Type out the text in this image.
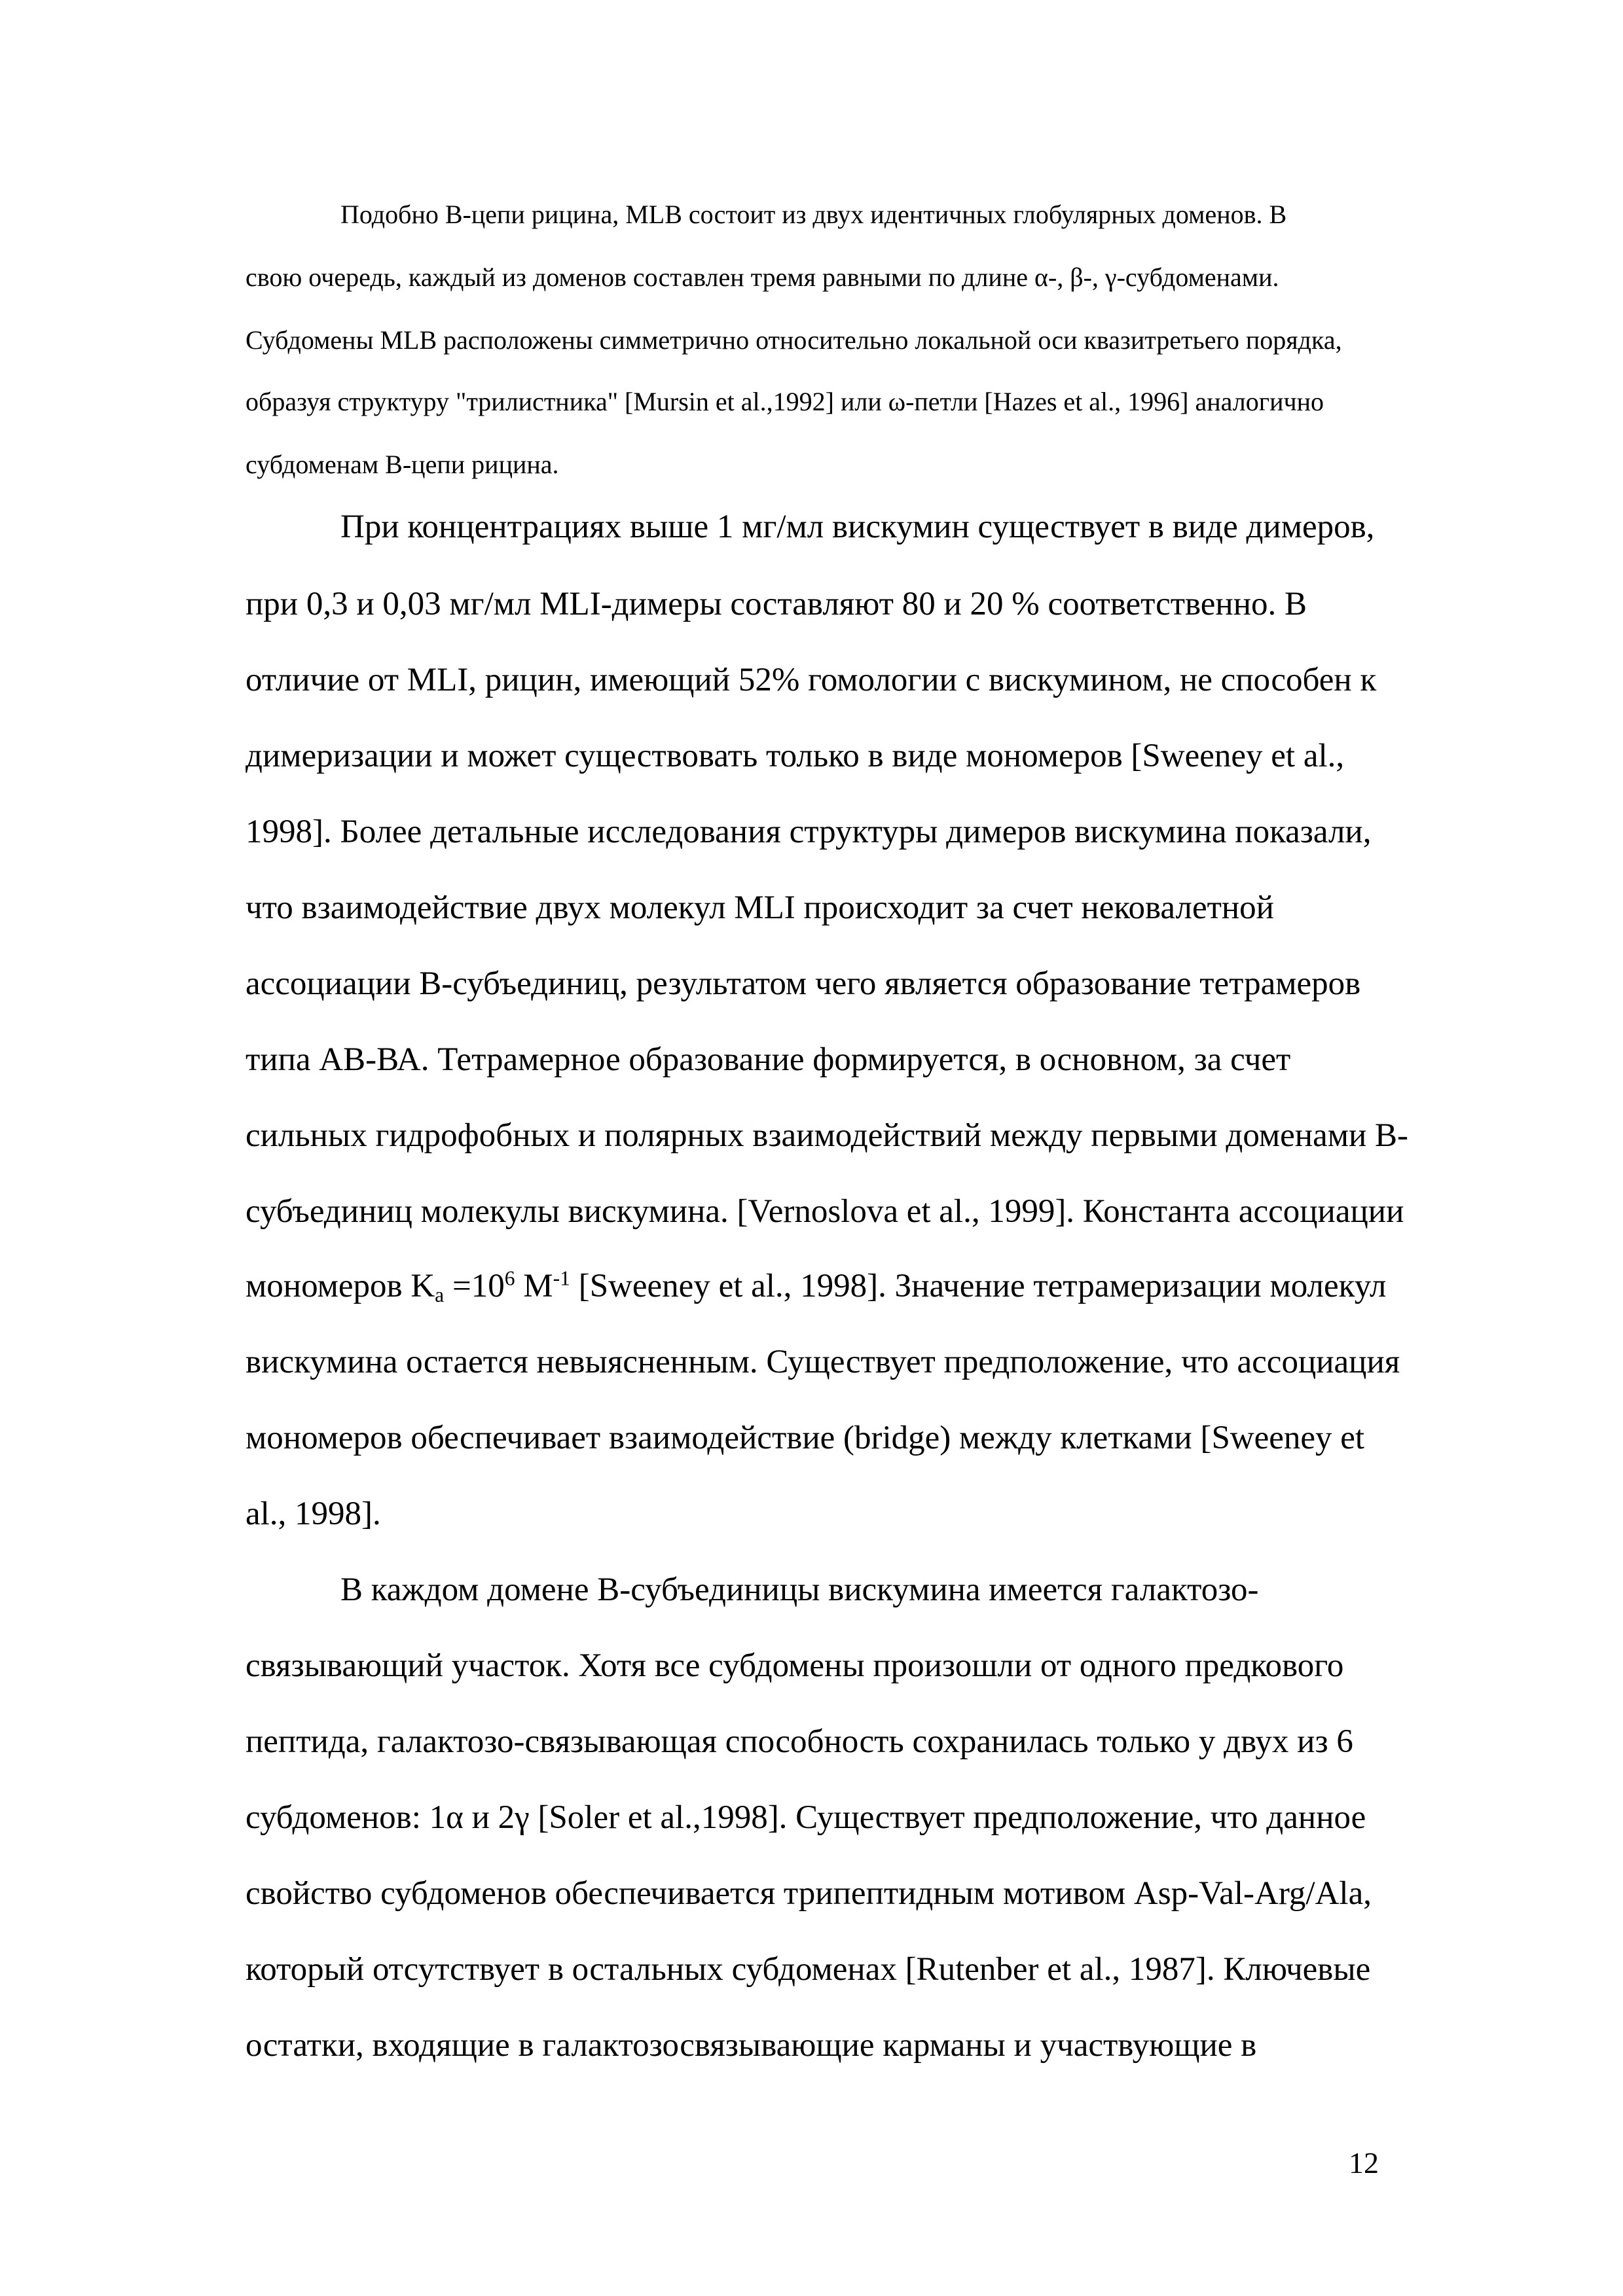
Подобно В-цепи рицина, MLB состоит из двух идентичных глобулярных доменов. В
свою очередь, каждый из доменов составлен тремя равными по длине α-, β-, γ-субдоменами.
Субдомены MLB расположены симметрично относительно локальной оси квазитретьего порядка,
образуя структуру "трилистника" [Mursin et al.,1992] или ω-петли [Hazes et al., 1996] аналогично
субдоменам В-цепи рицина.
При концентрациях выше 1 мг/мл вискумин существует в виде димеров,
при 0,3 и 0,03 мг/мл MLI-димеры составляют 80 и 20 % соответственно. В
отличие от MLI, рицин, имеющий 52% гомологии с вискумином, не способен к
димеризации и может существовать только в виде мономеров [Sweeney et al.,
1998]. Более детальные исследования структуры димеров вискумина показали,
что взаимодействие двух молекул MLI происходит за счет нековалетной
ассоциации В-субъединиц, результатом чего является образование тетрамеров
типа АВ-ВА. Тетрамерное образование формируется, в основном, за счет
сильных гидрофобных и полярных взаимодействий между первыми доменами В-
субъединиц молекулы вискумина. [Vernoslova et al., 1999]. Константа ассоциации
мономеров $K_a =10^6$ $M^{-1}$ [Sweeney et al., 1998]. Значение тетрамеризации молекул
вискумина остается невыясненным. Существует предположение, что ассоциация
мономеров обеспечивает взаимодействие (bridge) между клетками [Sweeney et
al., 1998].
В каждом домене В-субъединицы вискумина имеется галактозо-
связывающий участок. Хотя все субдомены произошли от одного предкового
пептида, галактозо-связывающая способность сохранилась только у двух из 6
субдоменов: 1α и 2γ [Soler et al.,1998]. Существует предположение, что данное
свойство субдоменов обеспечивается трипептидным мотивом Asp-Val-Arg/Ala,
который отсутствует в остальных субдоменах [Rutenber et al., 1987]. Ключевые
остатки, входящие в галактозосвязывающие карманы и участвующие в
12
